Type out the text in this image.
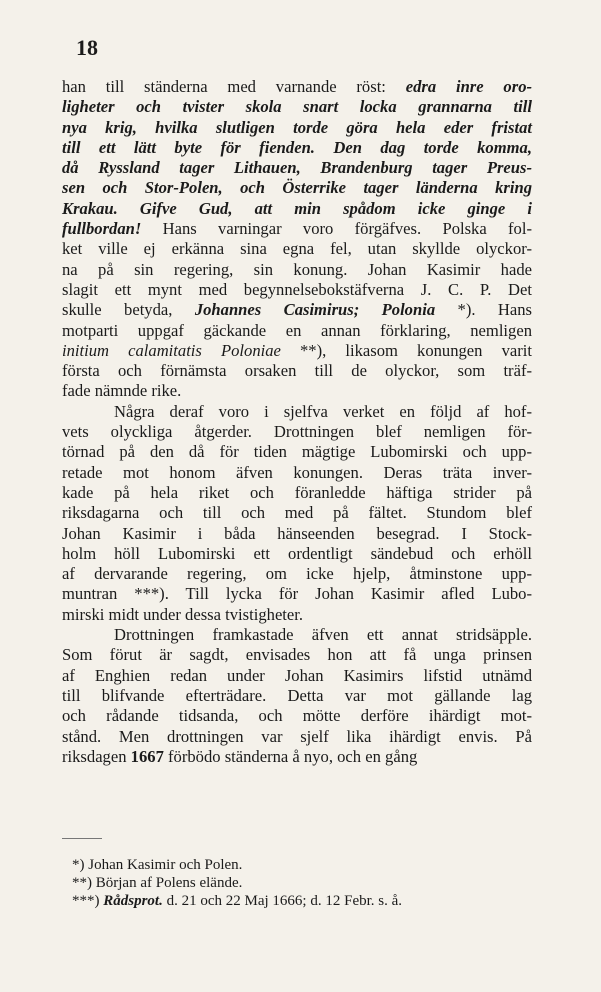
18
han till ständerna med varnande röst: edra inre oro-
ligheter och tvister skola snart locka grannarna till
nya krig, hvilka slutligen torde göra hela eder fristat
till ett lätt byte för fienden. Den dag torde komma,
då Ryssland tager Lithauen, Brandenburg tager Preus-
sen och Stor-Polen, och Österrike tager länderna kring
Krakau. Gifve Gud, att min spådom icke ginge i
fullbordan! Hans varningar voro förgäfves. Polska fol-
ket ville ej erkänna sina egna fel, utan skyllde olyckor-
na på sin regering, sin konung. Johan Kasimir hade
slagit ett mynt med begynnelsebokstäfverna J. C. P. Det
skulle betyda, Johannes Casimirus; Polonia *). Hans
motparti uppgaf gäckande en annan förklaring, nemligen
initium calamitatis Poloniae **), likasom konungen varit
första och förnämsta orsaken till de olyckor, som träf-
fade nämnde rike.
Några deraf voro i sjelfva verket en följd af hof-
vets olyckliga åtgerder. Drottningen blef nemligen för-
törnad på den då för tiden mägtige Lubomirski och upp-
retade mot honom äfven konungen. Deras träta inver-
kade på hela riket och föranledde häftiga strider på
riksdagarna och till och med på fältet. Stundom blef
Johan Kasimir i båda hänseenden besegrad. I Stock-
holm höll Lubomirski ett ordentligt sändebud och erhöll
af dervarande regering, om icke hjelp, åtminstone upp-
muntran ***). Till lycka för Johan Kasimir afled Lubo-
mirski midt under dessa tvistigheter.
Drottningen framkastade äfven ett annat stridsäpple.
Som förut är sagdt, envisades hon att få unga prinsen
af Enghien redan under Johan Kasimirs lifstid utnämd
till blifvande efterträdare. Detta var mot gällande lag
och rådande tidsanda, och mötte derföre ihärdigt mot-
stånd. Men drottningen var sjelf lika ihärdigt envis. På
riksdagen 1667 förbödo ständerna å nyo, och en gång
*) Johan Kasimir och Polen.
**) Början af Polens elände.
***) Rådsprot. d. 21 och 22 Maj 1666; d. 12 Febr. s. å.
